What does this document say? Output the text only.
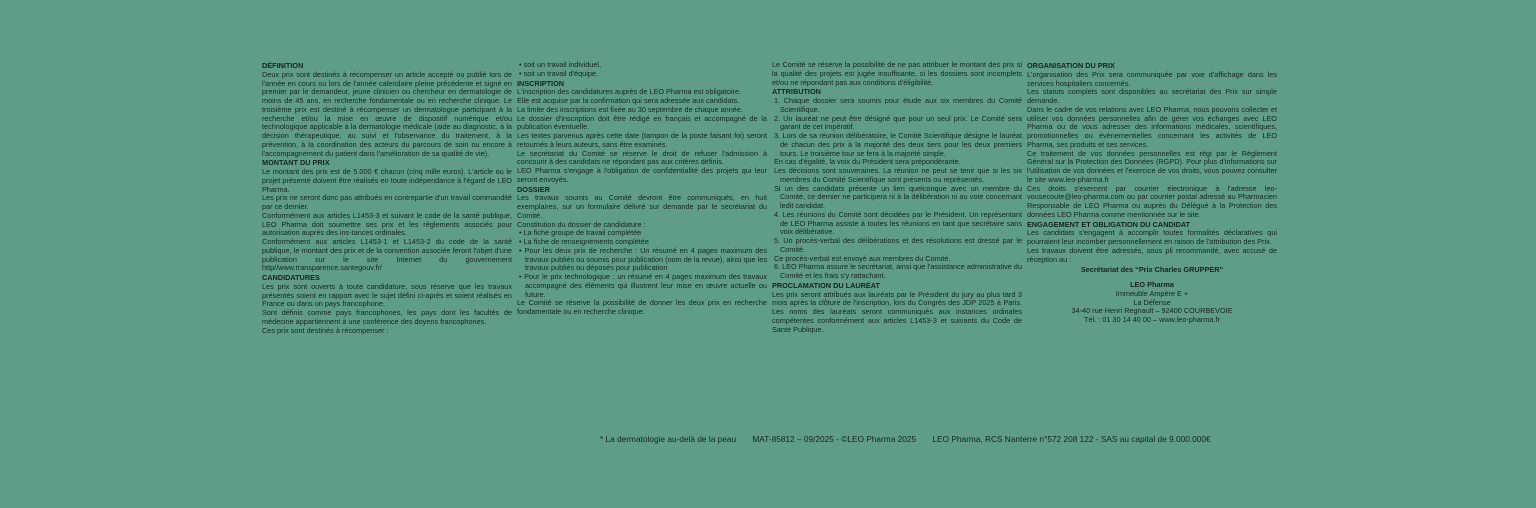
DÉFINITION

Deux prix sont destinés à récompenser un article accepté ou publié lors de l'année en cours ou lors de l'année calendaire pleine précédente et signé en premier par le demandeur, jeune clinicien ou chercheur en dermatologie de moins de 45 ans, en recherche fondamentale ou en recherche clinique. Le troisième prix est destiné à récompenser un dermatologue participant à la recherche et/ou la mise en œuvre de dispositif numérique et/ou technologique applicable à la dermatologie médicale (aide au diagnostic, à la décision thérapeutique, au suivi et l'observance du traitement, à la prévention, à la coordination des acteurs du parcours de soin ou encore à l'accompagnement du patient dans l'amélioration de sa qualité de vie).

MONTANT DU PRIX

Le montant des prix est de 5.000 € chacun (cinq mille euros). L'article ou le projet présenté doivent être réalisés en toute indépendance à l'égard de LEO Pharma.

Les prix ne seront donc pas attribués en contrepartie d'un travail commandité par ce dernier.

Conformément aux articles L1453-3 et suivant le code de la santé publique, LEO Pharma doit soumettre ses prix et les règlements associés pour autorisation auprès des ins-tances ordinales.

Conformément aux articles L1453-1 et L1453-2 du code de la santé publique, le montant des prix et de la convention associée feront l'objet d'une publication sur le site Internet du gouvernement http//www.transparence.santegouv.fr/

CANDIDATURES

Les prix sont ouverts à toute candidature, sous réserve que les travaux présentés soient en rapport avec le sujet défini ci-après et soient réalisés en France ou dans un pays francophone.

Sont définis comme pays francophones, les pays dont les facultés de médecine appartiennent à une conférence des doyens francophones.

Ces prix sont destinés à récompenser :

• soit un travail individuel,

• soit un travail d'équipe.

INSCRIPTION

L'inscription des candidatures auprès de LEO Pharma est obligatoire.

Elle est acquise par la confirmation qui sera adressée aux candidats.

La limite des inscriptions est fixée au 30 septembre de chaque année.

Le dossier d'inscription doit être rédigé en français et accompagné de la publication éventuelle.

Les textes parvenus après cette date (tampon de la poste faisant foi) seront retournés à leurs auteurs, sans être examinés.

Le secrétariat du Comité se réserve le droit de refuser l'admission à concourir à des candidats ne répondant pas aux critères définis.

LEO Pharma s'engage à l'obligation de confidentialité des projets qui leur seront envoyés.

DOSSIER

Les travaux soumis au Comité devront être communiqués, en huit exemplaires, sur un formulaire délivré sur demande par le secrétariat du Comité.

Constitution du dossier de candidature :

• La fiche groupe de travail complétée

• La fiche de renseignements complétée

• Pour les deux prix de recherche : Un résumé en 4 pages maximum des travaux publiés ou soumis pour publication (nom de la revue), ainsi que les travaux publiés ou déposés pour publication

• Pour le prix technologique : un résumé en 4 pages maximum des travaux accompagné des éléments qui illustrent leur mise en œuvre actuelle ou future.

Le Comité se réserve la possibilité de donner les deux prix en recherche fondamentale ou en recherche clinique.

Le Comité se réserve la possibilité de ne pas attribuer le montant des prix si la qualité des projets est jugée insuffisante, si les dossiers sont incomplets et/ou ne répondant pas aux conditions d'éligibilité.

ATTRIBUTION

1. Chaque dossier sera soumis pour étude aux six membres du Comité Scientifique.

2. Un lauréat ne peut être désigné que pour un seul prix. Le Comité sera garant de cet impératif.

3. Lors de sa réunion délibératoire, le Comité Scientifique désigne le lauréat de chacun des prix à la majorité des deux tiers pour les deux premiers tours. Le troisième tour se fera à la majorité simple.

En cas d'égalité, la voix du Président sera prépondérante.

Les décisions sont souveraines. La réunion ne peut se tenir que si les six membres du Comité Scientifique sont présents ou représentés.

Si un des candidats présente un lien quelconque avec un membre du Comité, ce dernier ne participera ni à la délibération ni au vote concernant ledit candidat.

4. Les réunions du Comité sont décidées par le Président. Un représentant de LEO Pharma assiste à toutes les réunions en tant que secrétaire sans voix délibérative.

5. Un procès-verbal des délibérations et des résolutions est dressé par le Comité.

Ce procès-verbal est envoyé aux membres du Comité.

6. LEO Pharma assure le secrétariat, ainsi que l'assistance administrative du Comité et les frais s'y rattachant.

PROCLAMATION DU LAURÉAT

Les prix seront attribués aux lauréats par le Président du jury au plus tard 3 mois après la clôture de l'inscription, lors du Congrès des JDP 2025 à Paris. Les noms des lauréats seront communiqués aux instances ordinales compétentes conformément aux articles L1453-3 et suivants du Code de Santé Publique.

ORGANISATION DU PRIX

L'organisation des Prix sera communiquée par voie d'affichage dans les services hospitaliers concernés.

Les statuts complets sont disponibles au secrétariat des Prix sur simple demande.

Dans le cadre de vos relations avec LEO Pharma, nous pouvons collecter et utiliser vos données personnelles afin de gérer vos échanges avec LEO Pharma ou de vous adresser des informations médicales, scientifiques, promotionnelles ou évènementielles concernant les activités de LEO Pharma, ses produits et ses services.

Ce traitement de vos données personnelles est régi par le Règlement Général sur la Protection des Données (RGPD). Pour plus d'informations sur l'utilisation de vos données et l'exercice de vos droits, vous pouvez consulter le site www.leo-pharma.fr

Ces droits s'exercent par courrier électronique à l'adresse leo-vousecoute@leo-pharma.com ou par courrier postal adressé au Pharmacien Responsable de LEO Pharma ou auprès du Délégué à la Protection des données LEO Pharma comme mentionnée sur le site.

ENGAGEMENT ET OBLIGATION DU CANDIDAT

Les candidats s'engagent à accomplir toutes formalités déclaratives qui pourraient leur incomber personnellement en raison de l'attribution des Prix.

Les travaux doivent être adressés, sous pli recommandé, avec accusé de réception au :

Secrétariat des “Prix Charles GRUPPER”

LEO Pharma

Immeuble Ampère E +

La Défense

34-40 rue Henri Regnault – 92400 COURBEVOIE

Tél. : 01 30 14 40 00 – www.leo-pharma.fr

* La dermatologie au-delà de la peau MAT-85812 – 09/2025 - ©LEO Pharma 2025 LEO Pharma, RCS Nanterre n°572 208 122 - SAS au capital de 9.000.000€
